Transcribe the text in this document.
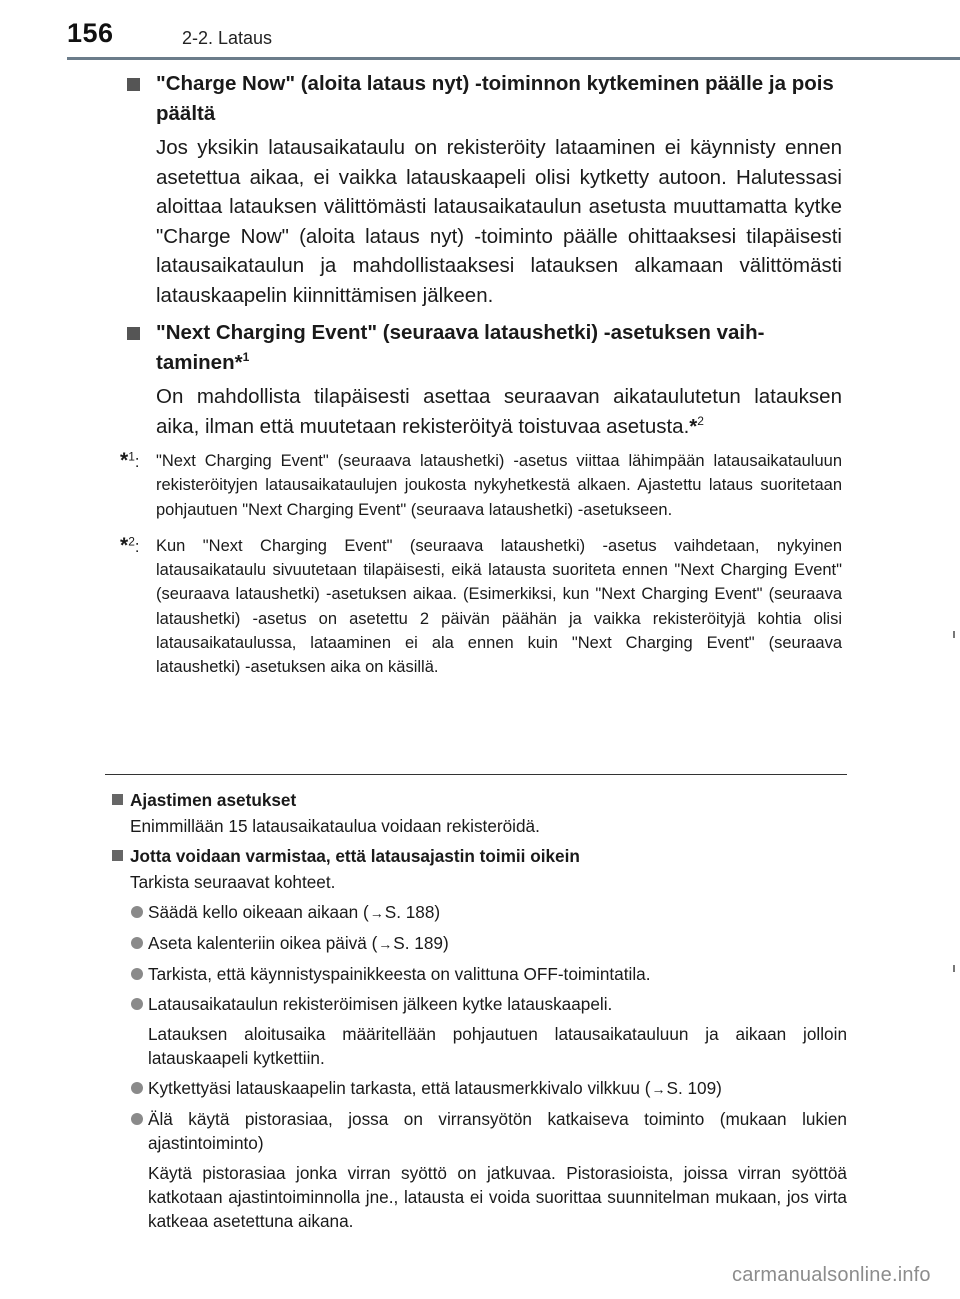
156	2-2. Lataus
"Charge Now" (aloita lataus nyt) -toiminnon kytkeminen päälle ja pois päältä

Jos yksikin latausaikataulu on rekisteröity lataaminen ei käynnisty ennen asetettua aikaa, ei vaikka latauskaapeli olisi kytketty autoon. Halutessasi aloittaa latauksen välittömästi latausaikataulun asetusta muuttamatta kytke "Charge Now" (aloita lataus nyt) -toiminto päälle ohittaaksesi tilapäisesti latausaikataulun ja mahdollistaaksesi latauksen alkamaan välittömästi latauskaapelin kiinnittämisen jälkeen.

"Next Charging Event" (seuraava lataushetki) -asetuksen vaihtaminen*$^1$

On mahdollista tilapäisesti asettaa seuraavan aikataulutetun latauksen aika, ilman että muutetaan rekisteröityä toistuvaa asetusta.*$^2$

*$^1$: "Next Charging Event" (seuraava lataushetki) -asetus viittaa lähimpään latausaikatauluun rekisteröityjen latausaikataulujen joukosta nykyhetkestä alkaen. Ajastettu lataus suoritetaan pohjautuen "Next Charging Event" (seuraava lataushetki) -asetukseen.
*$^2$: Kun "Next Charging Event" (seuraava lataushetki) -asetus vaihdetaan, nykyinen latausaikataulu sivuutetaan tilapäisesti, eikä latausta suoriteta ennen "Next Charging Event" (seuraava lataushetki) -asetuksen aikaa. (Esimerkiksi, kun "Next Charging Event" (seuraava lataushetki) -asetus on asetettu 2 päivän päähän ja vaikka rekisteröityjä kohtia olisi latausaikataulussa, lataaminen ei ala ennen kuin "Next Charging Event" (seuraava lataushetki) -asetuksen aika on käsillä.
Ajastimen asetukset
Enimmillään 15 latausaikataulua voidaan rekisteröidä.
Jotta voidaan varmistaa, että latausajastin toimii oikein
Tarkista seuraavat kohteet.
Säädä kello oikeaan aikaan (→S. 188)
Aseta kalenteriin oikea päivä (→S. 189)
Tarkista, että käynnistyspainikkeesta on valittuna OFF-toimintatila.
Latausaikataulun rekisteröimisen jälkeen kytke latauskaapeli.
Latauksen aloitusaika määritellään pohjautuen latausaikatauluun ja aikaan jolloin latauskaapeli kytkettiin.
Kytkettyäsi latauskaapelin tarkasta, että latausmerkkivalo vilkkuu (→S. 109)
Älä käytä pistorasiaa, jossa on virransyötön katkaiseva toiminto (mukaan lukien ajastintoiminto)
Käytä pistorasiaa jonka virran syöttö on jatkuvaa. Pistorasioista, joissa virran syöttöä katkotaan ajastintoiminnolla jne., latausta ei voida suorittaa suunnitelman mukaan, jos virta katkeaa asetettuna aikana.
carmanualsonline.info
